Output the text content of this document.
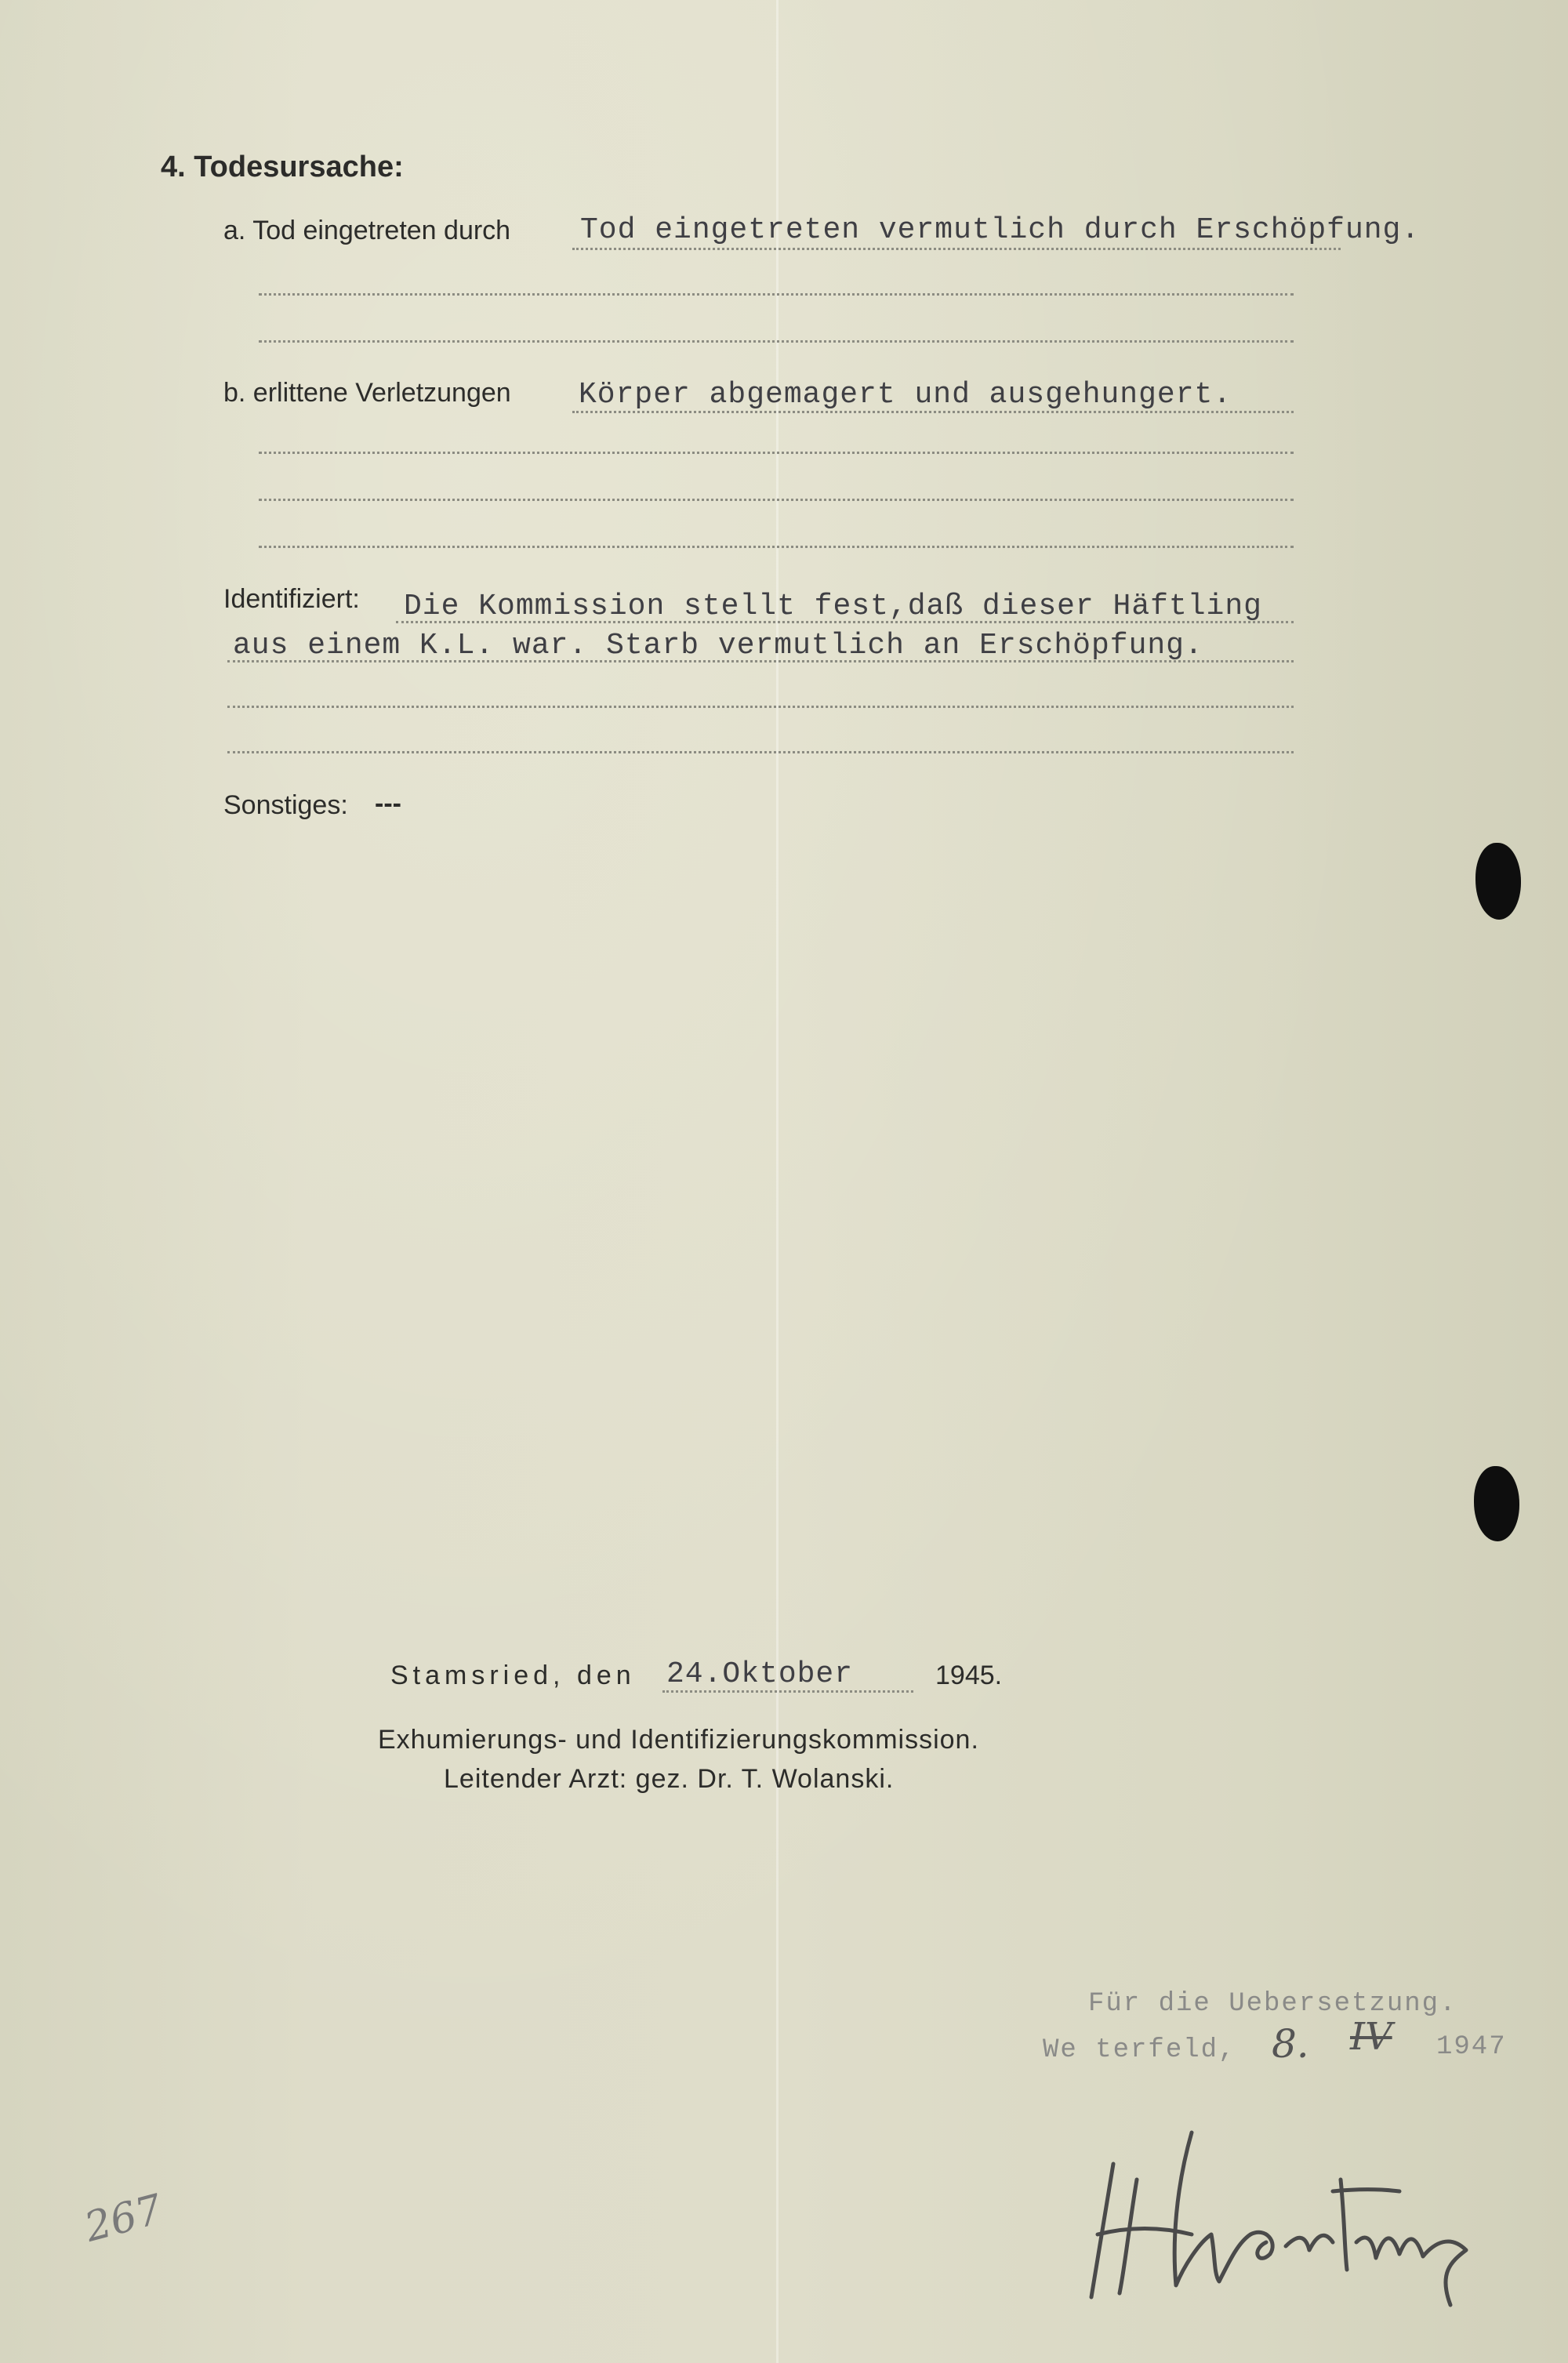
4. Todesursache:
a. Tod eingetreten durch Tod eingetreten vermutlich durch Erschöpfung.
b. erlittene Verletzungen Körper abgemagert und ausgehungert.
Identifiziert: Die Kommission stellt fest,daß dieser Häftling
aus einem K.L. war. Starb vermutlich an Erschöpfung.
Sonstiges: ---
Stamsried, den 24.Oktober	1945.
Exhumierungs- und Identifizierungskommission.
Leitender Arzt: gez. Dr. T. Wolanski.
Für die Uebersetzung.
We terfeld, 8. IV 1947
267
